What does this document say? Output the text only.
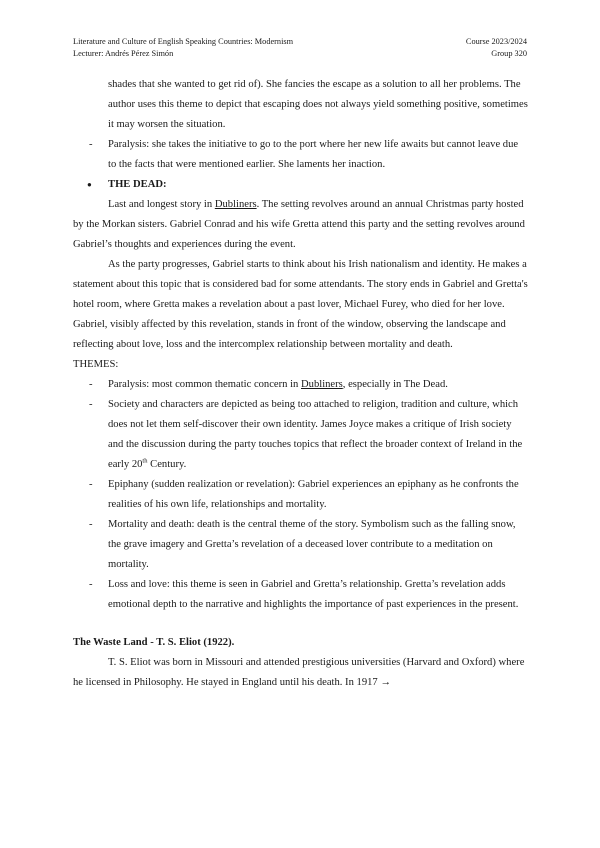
Literature and Culture of English Speaking Countries: Modernism	Course 2023/2024
Lecturer: Andrés Pérez Simón	Group 320

shades that she wanted to get rid of). She fancies the escape as a solution to all her problems. The author uses this theme to depict that escaping does not always yield something positive, sometimes it may worsen the situation.

- Paralysis: she takes the initiative to go to the port where her new life awaits but cannot leave due to the facts that were mentioned earlier. She laments her inaction.
● THE DEAD:

Last and longest story in Dubliners. The setting revolves around an annual Christmas party hosted by the Morkan sisters. Gabriel Conrad and his wife Gretta attend this party and the setting revolves around Gabriel’s thoughts and experiences during the event.

As the party progresses, Gabriel starts to think about his Irish nationalism and identity. He makes a statement about this topic that is considered bad for some attendants. The story ends in Gabriel and Gretta's hotel room, where Gretta makes a revelation about a past lover, Michael Furey, who died for her love. Gabriel, visibly affected by this revelation, stands in front of the window, observing the landscape and reflecting about love, loss and the intercomplex relationship between mortality and death.

THEMES:

- Paralysis: most common thematic concern in Dubliners, especially in The Dead.
- Society and characters are depicted as being too attached to religion, tradition and culture, which does not let them self-discover their own identity. James Joyce makes a critique of Irish society and the discussion during the party touches topics that reflect the broader context of Ireland in the early 20th Century.
- Epiphany (sudden realization or revelation): Gabriel experiences an epiphany as he confronts the realities of his own life, relationships and mortality.
- Mortality and death: death is the central theme of the story. Symbolism such as the falling snow, the grave imagery and Gretta’s revelation of a deceased lover contribute to a meditation on mortality.
- Loss and love: this theme is seen in Gabriel and Gretta’s relationship. Gretta’s revelation adds emotional depth to the narrative and highlights the importance of past experiences in the present.

The Waste Land - T. S. Eliot (1922).

T. S. Eliot was born in Missouri and attended prestigious universities (Harvard and Oxford) where he licensed in Philosophy. He stayed in England until his death. In 1917 →
